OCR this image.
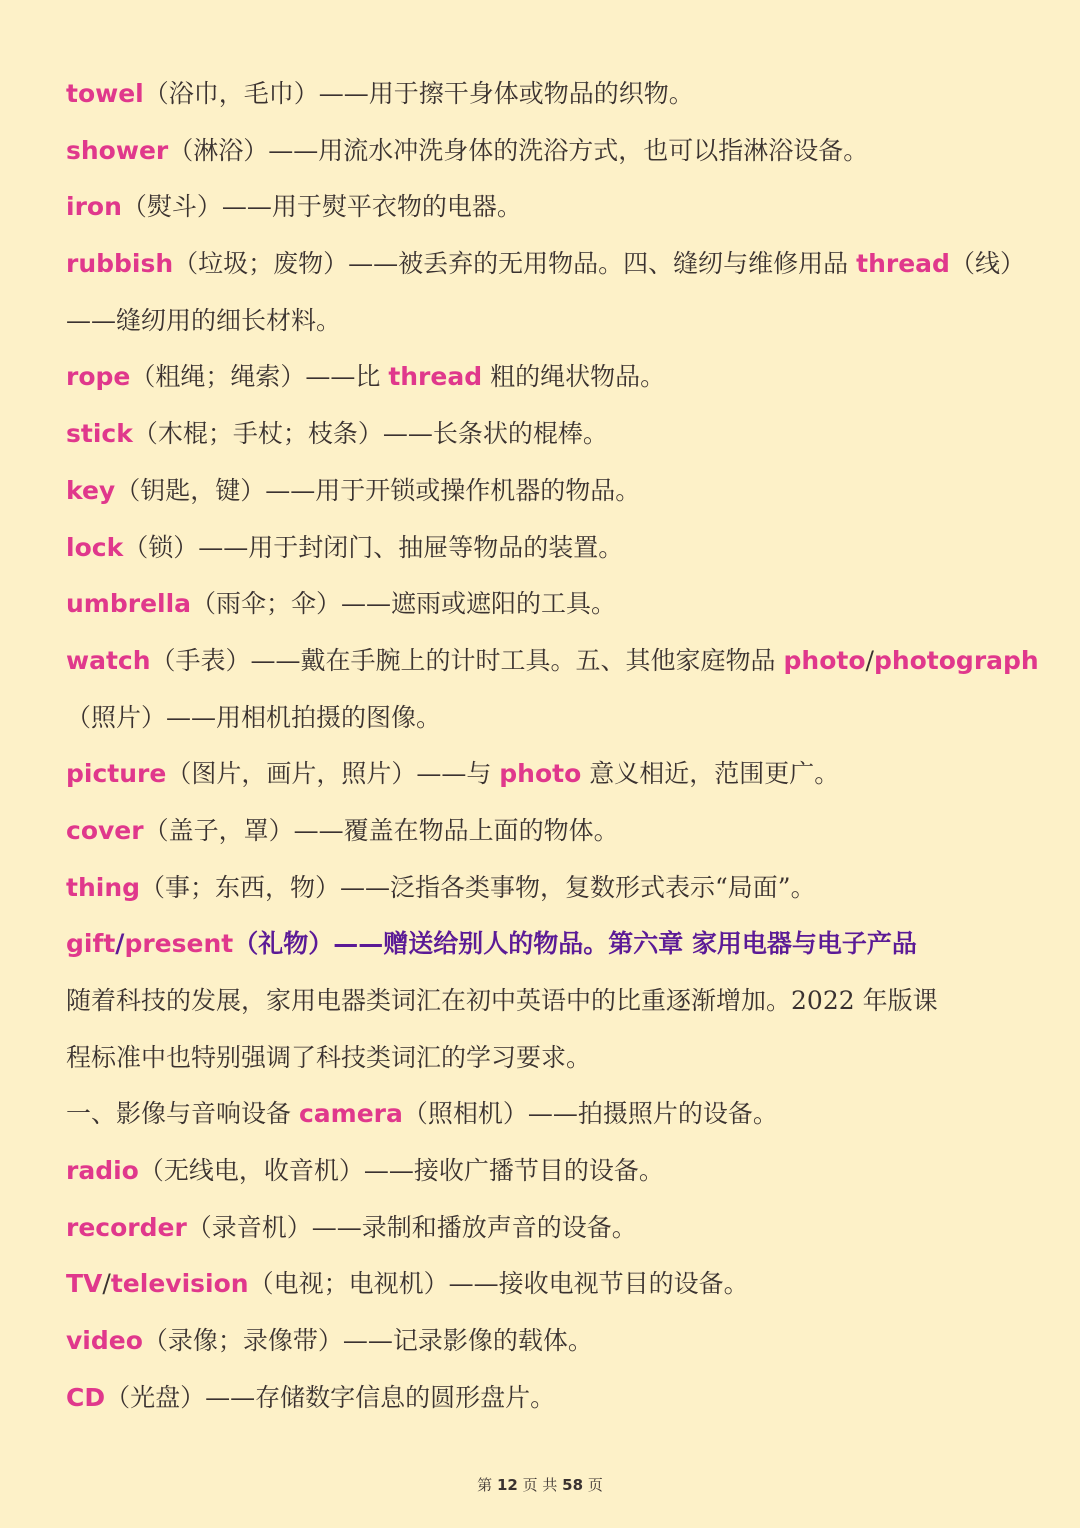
towel（浴巾，毛巾）——用于擦干身体或物品的织物。
shower（淋浴）——用流水冲洗身体的洗浴方式，也可以指淋浴设备。
iron（熨斗）——用于熨平衣物的电器。
rubbish（垃圾；废物）——被丢弃的无用物品。四、缝纫与维修用品 thread（线）
——缝纫用的细长材料。
rope（粗绳；绳索）——比 thread 粗的绳状物品。
stick（木棍；手杖；枝条）——长条状的棍棒。
key（钥匙，键）——用于开锁或操作机器的物品。
lock（锁）——用于封闭门、抽屉等物品的装置。
umbrella（雨伞；伞）——遮雨或遮阳的工具。
watch（手表）——戴在手腕上的计时工具。五、其他家庭物品 photo/photograph
（照片）——用相机拍摄的图像。
picture（图片，画片，照片）——与 photo 意义相近，范围更广。
cover（盖子，罩）——覆盖在物品上面的物体。
thing（事；东西，物）——泛指各类事物，复数形式表示“局面”。
gift/present（礼物）——赠送给别人的物品。第六章 家用电器与电子产品
随着科技的发展，家用电器类词汇在初中英语中的比重逐渐增加。2022 年版课
程标准中也特别强调了科技类词汇的学习要求。
一、影像与音响设备 camera（照相机）——拍摄照片的设备。
radio（无线电，收音机）——接收广播节目的设备。
recorder（录音机）——录制和播放声音的设备。
TV/television（电视；电视机）——接收电视节目的设备。
video（录像；录像带）——记录影像的载体。
CD（光盘）——存储数字信息的圆形盘片。
第 12 页 共 58 页
